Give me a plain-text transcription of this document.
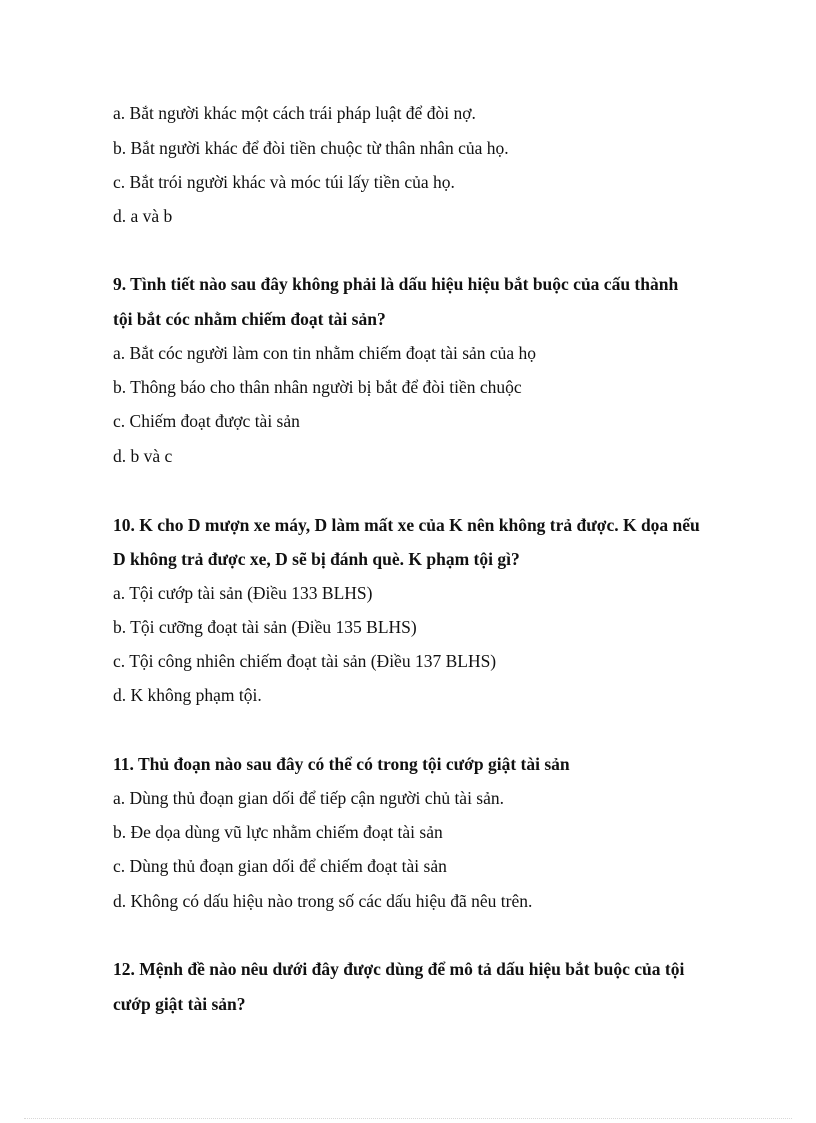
a. Bắt người khác một cách trái pháp luật để đòi nợ.
b. Bắt người khác để đòi tiền chuộc từ thân nhân của họ.
c. Bắt trói người khác và móc túi lấy tiền của họ.
d. a và b
9. Tình tiết nào sau đây không phải là dấu hiệu hiệu bắt buộc của cấu thành
tội bắt cóc nhằm chiếm đoạt tài sản?
a. Bắt cóc người làm con tin nhằm chiếm đoạt tài sản của họ
b. Thông báo cho thân nhân người bị bắt để đòi tiền chuộc
c. Chiếm đoạt được tài sản
d. b và c
10. K cho D mượn xe máy, D làm mất xe của K nên không trả được. K dọa nếu
D không trả được xe, D sẽ bị đánh què. K phạm tội gì?
a. Tội cướp tài sản (Điều 133 BLHS)
b. Tội cưỡng đoạt tài sản (Điều 135 BLHS)
c. Tội công nhiên chiếm đoạt tài sản (Điều 137 BLHS)
d. K không phạm tội.
11. Thủ đoạn nào sau đây có thể có trong tội cướp giật tài sản
a. Dùng thủ đoạn gian dối để tiếp cận người chủ tài sản.
b. Đe dọa dùng vũ lực nhằm chiếm đoạt tài sản
c. Dùng thủ đoạn gian dối để chiếm đoạt tài sản
d. Không có dấu hiệu nào trong số các dấu hiệu đã nêu trên.
12. Mệnh đề nào nêu dưới đây được dùng để mô tả dấu hiệu bắt buộc của tội
cướp giật tài sản?
